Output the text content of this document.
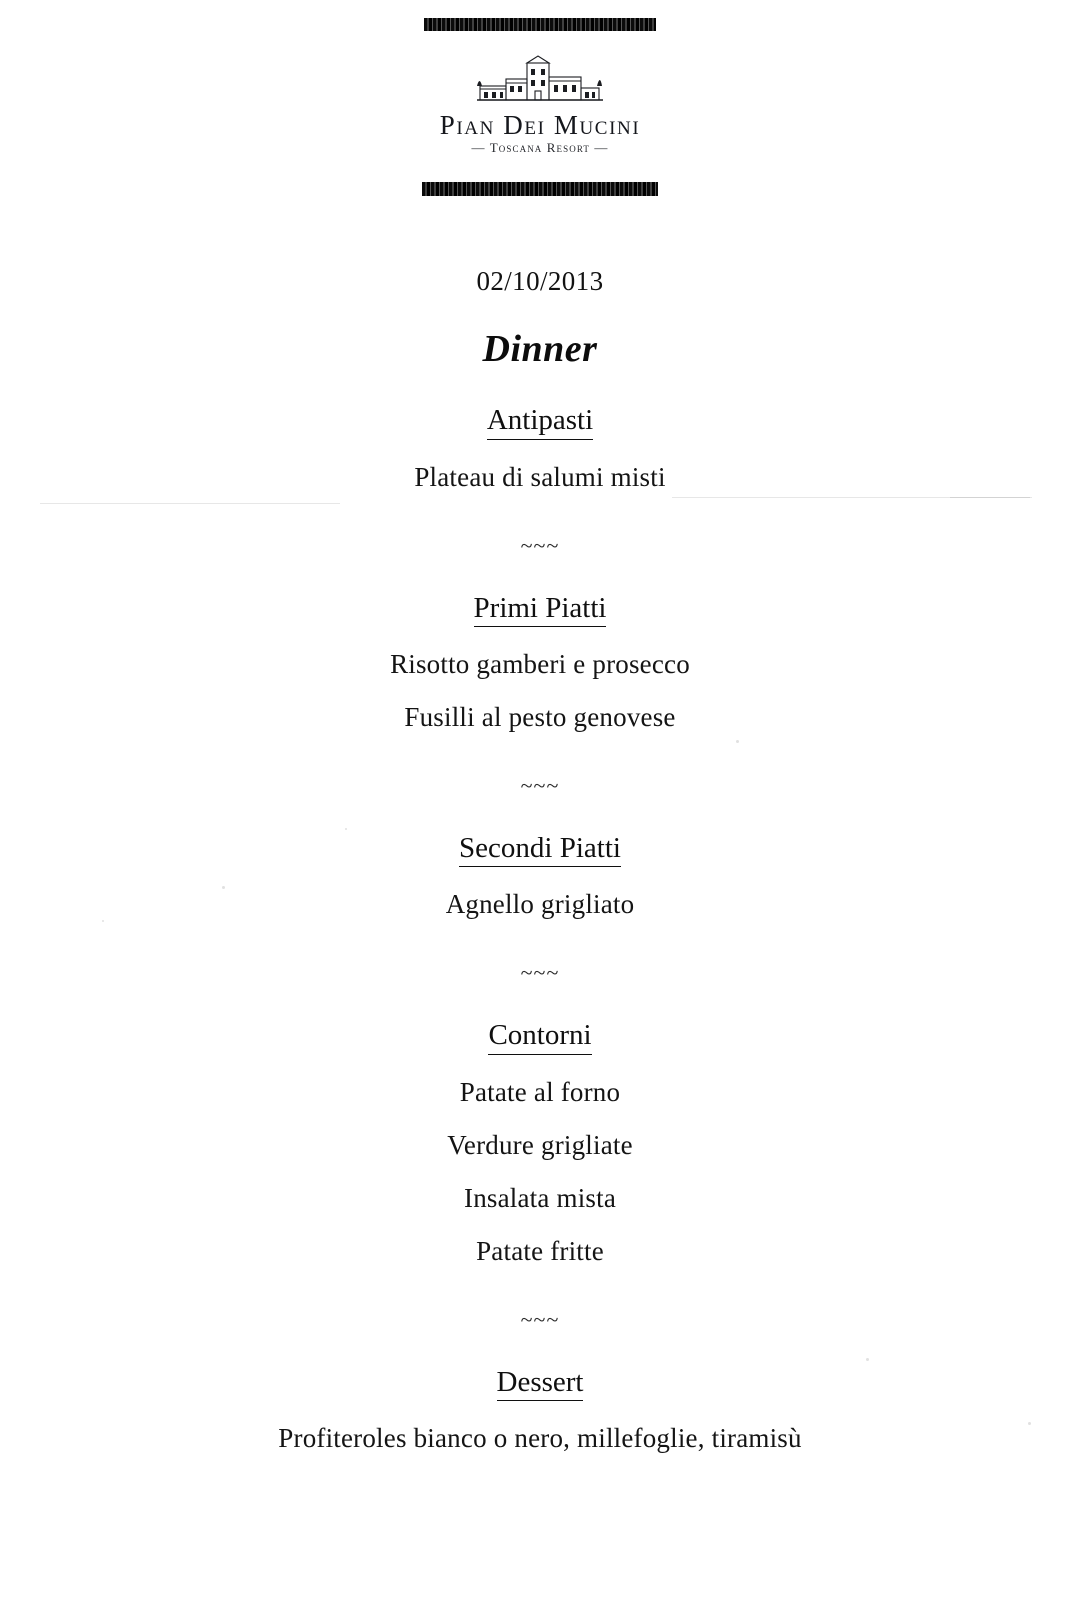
Pian Dei Mucini
— Toscana Resort —
02/10/2013
Dinner
Antipasti
Plateau di salumi misti
~~~
Primi Piatti
Risotto gamberi e prosecco
Fusilli al pesto genovese
~~~
Secondi Piatti
Agnello grigliato
~~~
Contorni
Patate al forno
Verdure grigliate
Insalata mista
Patate fritte
~~~
Dessert
Profiteroles bianco o nero, millefoglie, tiramisù
